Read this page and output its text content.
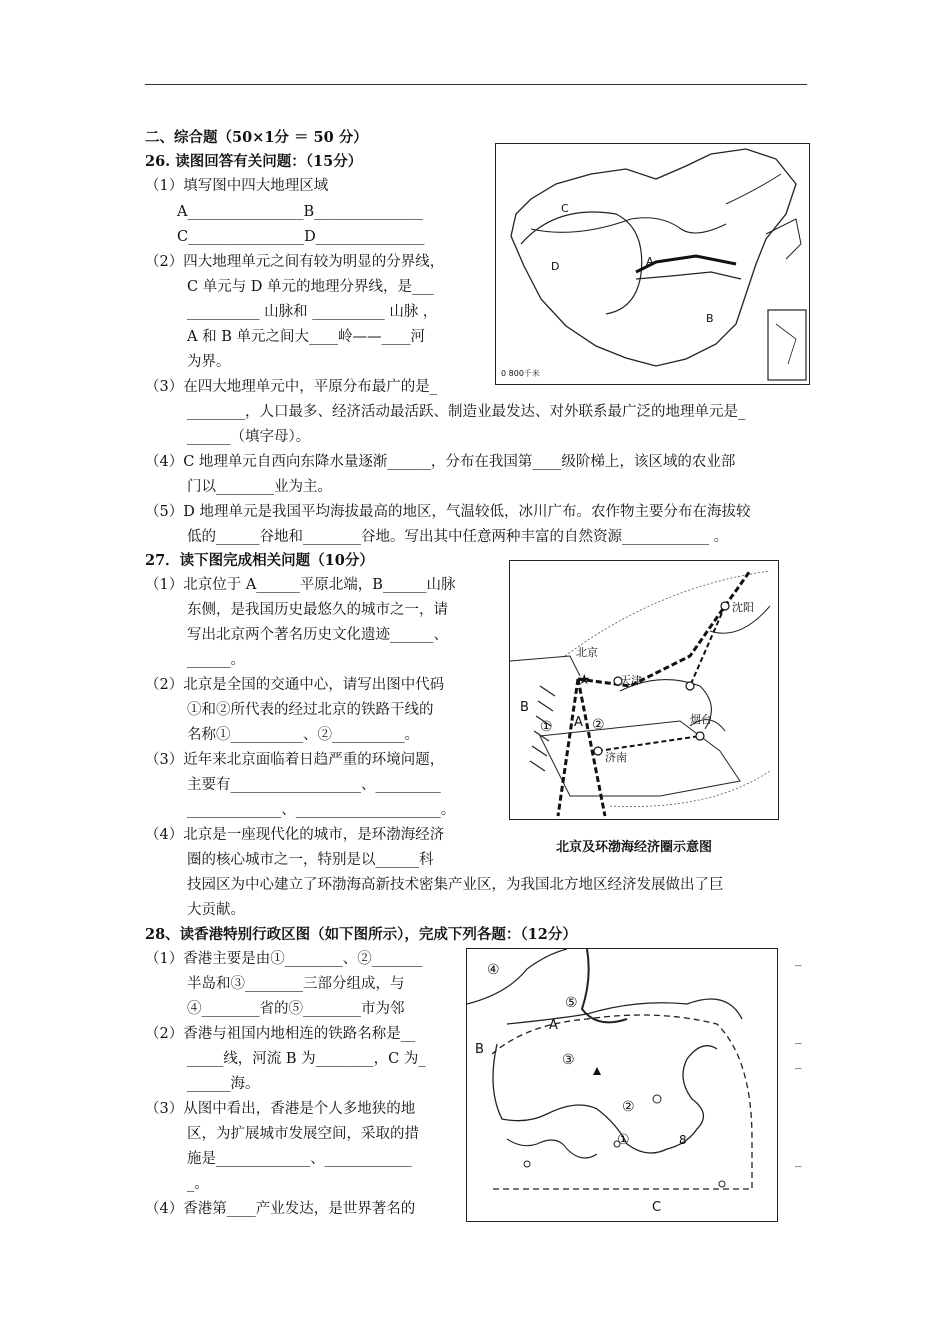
二、综合题（50×1分 ＝ 50 分）
26. 读图回答有关问题：（15分）
（1）填写图中四大地理区域
A________________B_______________
C________________D_______________
（2）四大地理单元之间有较为明显的分界线，
C 单元与 D 单元的地理分界线，是___
__________ 山脉和 __________ 山脉 ，
A 和 B 单元之间大____岭——____河
为界。
（3）在四大地理单元中，平原分布最广的是_
________，人口最多、经济活动最活跃、制造业最发达、对外联系最广泛的地理单元是_
______（填字母）。
（4）C 地理单元自西向东降水量逐渐______，分布在我国第____级阶梯上，该区域的农业部
门以________业为主。
（5）D 地理单元是我国平均海拔最高的地区，气温较低，冰川广布。农作物主要分布在海拔较
低的______谷地和________谷地。写出其中任意两种丰富的自然资源____________ 。
C
D	A
B
0 800千米
27．读下图完成相关问题（10分）
（1）北京位于 A______平原北端，B______山脉
东侧，是我国历史最悠久的城市之一，请
写出北京两个著名历史文化遗迹______、
______。
（2）北京是全国的交通中心，请写出图中代码
①和②所代表的经过北京的铁路干线的
名称①__________、②__________。
（3）近年来北京面临着日趋严重的环境问题，
主要有__________________、_________
_____________、____________________。
（4）北京是一座现代化的城市，是环渤海经济
圈的核心城市之一，特别是以______科
技园区为中心建立了环渤海高新技术密集产业区，为我国北方地区经济发展做出了巨
大贡献。
★
北京
天津
沈阳
烟台
济南
B
A
①	②
北京及环渤海经济圈示意图
28、读香港特别行政区图（如下图所示），完成下列各题：（12分）
（1）香港主要是由①________、②_______
半岛和③________三部分组成，与
④________省的⑤________市为邻
（2）香港与祖国内地相连的铁路名称是__
_____线，河流 B 为________，C 为_
______海。
（3）从图中看出，香港是个人多地狭的地
区，为扩展城市发展空间，采取的措
施是_____________、____________
_。
（4）香港第____产业发达，是世界著名的
④
⑤
③
②
①
A
B
C
8
_
_
_
_
